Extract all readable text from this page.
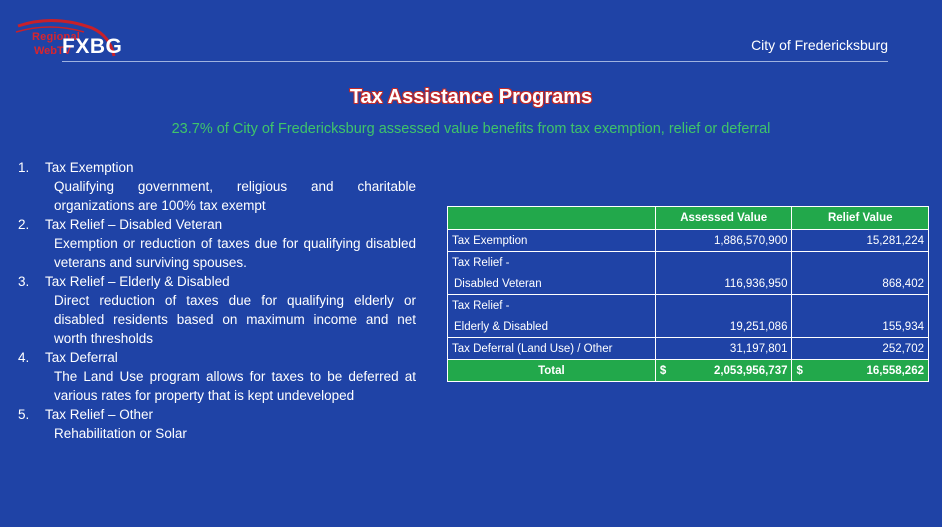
Regional
WebTV
FXBG	City of Fredericksburg
Tax Assistance Programs
23.7% of City of Fredericksburg assessed value benefits from tax exemption, relief or deferral
1.	Tax Exemption
Qualifying government, religious and charitable organizations are 100% tax exempt
2.	Tax Relief – Disabled Veteran
Exemption or reduction of taxes due for qualifying disabled veterans and surviving spouses.
3.	Tax Relief – Elderly & Disabled
Direct reduction of taxes due for qualifying elderly or disabled residents based on maximum income and net worth thresholds
4.	Tax Deferral
The Land Use program allows for taxes to be deferred at various rates for property that is kept undeveloped
5.	Tax Relief – Other
Rehabilitation or Solar
	Assessed Value	Relief Value
Tax Exemption	1,886,570,900	15,281,224
Tax Relief -		
Disabled Veteran	116,936,950	868,402
Tax Relief -		
Elderly & Disabled	19,251,086	155,934
Tax Deferral (Land Use) / Other	31,197,801	252,702
Total	$ 2,053,956,737	$ 16,558,262
